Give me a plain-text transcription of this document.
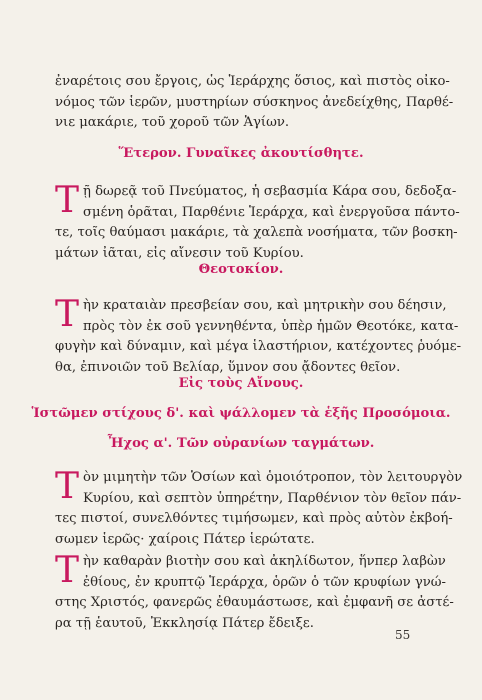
ἐναρέτοις σου ἔργοις, ὡς Ἱεράρχης ὅσιος, καὶ πιστὸς οἰκο-
νόμος τῶν ἱερῶν, μυστηρίων σύσκηνος ἀνεδείχθης, Παρθέ-
νιε μακάριε, τοῦ χοροῦ τῶν Ἁγίων.

Ἕτερον. Γυναῖκες ἀκουτίσθητε.

Τ ῇ δωρεᾷ τοῦ Πνεύματος, ἡ σεβασμία Κάρα σου, δεδοξα-
σμένη ὁρᾶται, Παρθένιε Ἱεράρχα, καὶ ἐνεργοῦσα πάντο-
τε, τοῖς θαύμασι μακάριε, τὰ χαλεπὰ νοσήματα, τῶν βοσκη-
μάτων ἰᾶται, εἰς αἴνεσιν τοῦ Κυρίου.

Θεοτοκίον.

Τ ὴν κραταιὰν πρεσβείαν σου, καὶ μητρικὴν σου δέησιν,
πρὸς τὸν ἐκ σοῦ γεννηθέντα, ὑπὲρ ἡμῶν Θεοτόκε, κατα-
φυγὴν καὶ δύναμιν, καὶ μέγα ἱλαστήριον, κατέχοντες ῥυόμε-
θα, ἐπινοιῶν τοῦ Βελίαρ, ὕμνον σου ᾄδοντες θεῖον.

Εἰς τοὺς Αἴνους.
Ἱστῶμεν στίχους δ'. καὶ ψάλλομεν τὰ ἑξῆς Προσόμοια.
Ἦχος α'. Τῶν οὐρανίων ταγμάτων.

Τ ὸν μιμητὴν τῶν Ὁσίων καὶ ὁμοιότροπον, τὸν λειτουργὸν
Κυρίου, καὶ σεπτὸν ὑπηρέτην, Παρθένιον τὸν θεῖον πάν-
τες πιστοί, συνελθόντες τιμήσωμεν, καὶ πρὸς αὐτὸν ἐκβοή-
σωμεν ἱερῶς· χαίροις Πάτερ ἱερώτατε.

Τ ὴν καθαρὰν βιοτὴν σου καὶ ἀκηλίδωτον, ἥνπερ λαβὼν
ἐθίους, ἐν κρυπτῷ Ἱεράρχα, ὁρῶν ὁ τῶν κρυφίων γνώ-
στης Χριστός, φανερῶς ἐθαυμάστωσε, καὶ ἐμφανῆ σε ἀστέ-
ρα τῇ ἑαυτοῦ, Ἐκκλησίᾳ Πάτερ ἔδειξε.

55
